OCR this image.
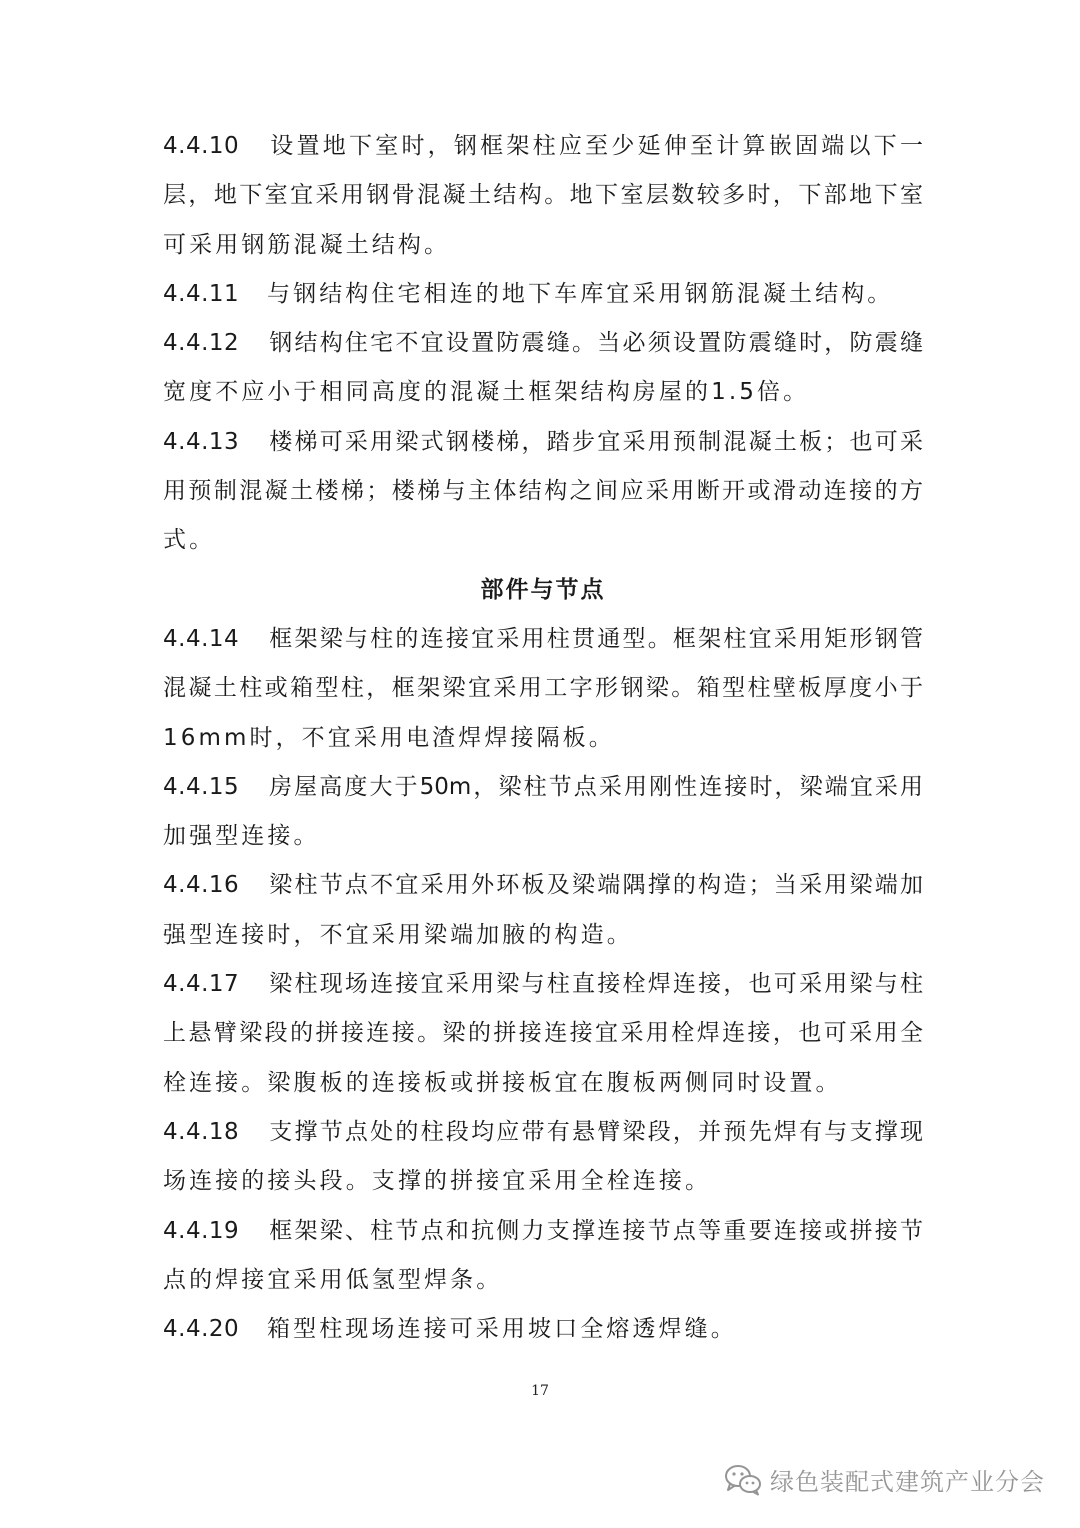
4.4.10 设置地下室时，钢框架柱应至少延伸至计算嵌固端以下一
层，地下室宜采用钢骨混凝土结构。地下室层数较多时，下部地下室
可采用钢筋混凝土结构。
4.4.11 与钢结构住宅相连的地下车库宜采用钢筋混凝土结构。
4.4.12 钢结构住宅不宜设置防震缝。当必须设置防震缝时，防震缝
宽度不应小于相同高度的混凝土框架结构房屋的1.5倍。
4.4.13 楼梯可采用梁式钢楼梯，踏步宜采用预制混凝土板；也可采
用预制混凝土楼梯；楼梯与主体结构之间应采用断开或滑动连接的方
式。
部件与节点
4.4.14 框架梁与柱的连接宜采用柱贯通型。框架柱宜采用矩形钢管
混凝土柱或箱型柱，框架梁宜采用工字形钢梁。箱型柱壁板厚度小于
16mm时，不宜采用电渣焊焊接隔板。
4.4.15 房屋高度大于50m，梁柱节点采用刚性连接时，梁端宜采用
加强型连接。
4.4.16 梁柱节点不宜采用外环板及梁端隅撑的构造；当采用梁端加
强型连接时，不宜采用梁端加腋的构造。
4.4.17 梁柱现场连接宜采用梁与柱直接栓焊连接，也可采用梁与柱
上悬臂梁段的拼接连接。梁的拼接连接宜采用栓焊连接，也可采用全
栓连接。梁腹板的连接板或拼接板宜在腹板两侧同时设置。
4.4.18 支撑节点处的柱段均应带有悬臂梁段，并预先焊有与支撑现
场连接的接头段。支撑的拼接宜采用全栓连接。
4.4.19 框架梁、柱节点和抗侧力支撑连接节点等重要连接或拼接节
点的焊接宜采用低氢型焊条。
4.4.20 箱型柱现场连接可采用坡口全熔透焊缝。
17
绿色装配式建筑产业分会
